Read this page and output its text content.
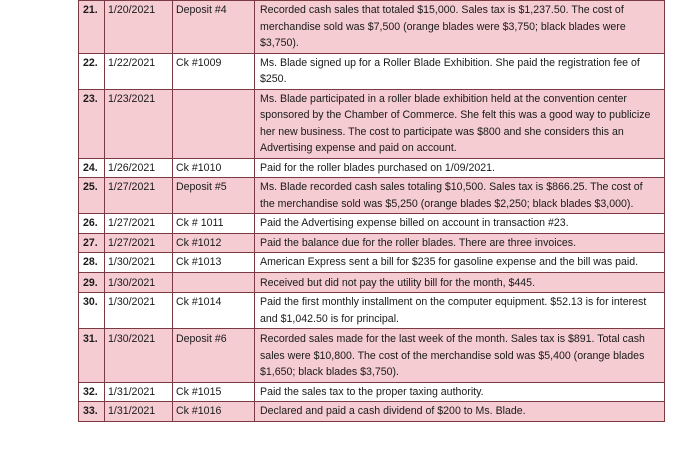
21.	1/20/2021	Deposit #4	Recorded cash sales that totaled $15,000. Sales tax is $1,237.50. The cost of merchandise sold was $7,500 (orange blades were $3,750; black blades were $3,750).
22.	1/22/2021	Ck #1009	Ms. Blade signed up for a Roller Blade Exhibition. She paid the registration fee of $250.
23.	1/23/2021		Ms. Blade participated in a roller blade exhibition held at the convention center sponsored by the Chamber of Commerce. She felt this was a good way to publicize her new business. The cost to participate was $800 and she considers this an Advertising expense and paid on account.
24.	1/26/2021	Ck #1010	Paid for the roller blades purchased on 1/09/2021.
25.	1/27/2021	Deposit #5	Ms. Blade recorded cash sales totaling $10,500. Sales tax is $866.25. The cost of the merchandise sold was $5,250 (orange blades $2,250; black blades $3,000).
26.	1/27/2021	Ck # 1011	Paid the Advertising expense billed on account in transaction #23.
27.	1/27/2021	Ck #1012	Paid the balance due for the roller blades. There are three invoices.
28.	1/30/2021	Ck #1013	American Express sent a bill for $235 for gasoline expense and the bill was paid.
29.	1/30/2021		Received but did not pay the utility bill for the month, $445.
30.	1/30/2021	Ck #1014	Paid the first monthly installment on the computer equipment. $52.13 is for interest and $1,042.50 is for principal.
31.	1/30/2021	Deposit #6	Recorded sales made for the last week of the month. Sales tax is $891. Total cash sales were $10,800. The cost of the merchandise sold was $5,400 (orange blades $1,650; black blades $3,750).
32.	1/31/2021	Ck #1015	Paid the sales tax to the proper taxing authority.
33.	1/31/2021	Ck #1016	Declared and paid a cash dividend of $200 to Ms. Blade.
